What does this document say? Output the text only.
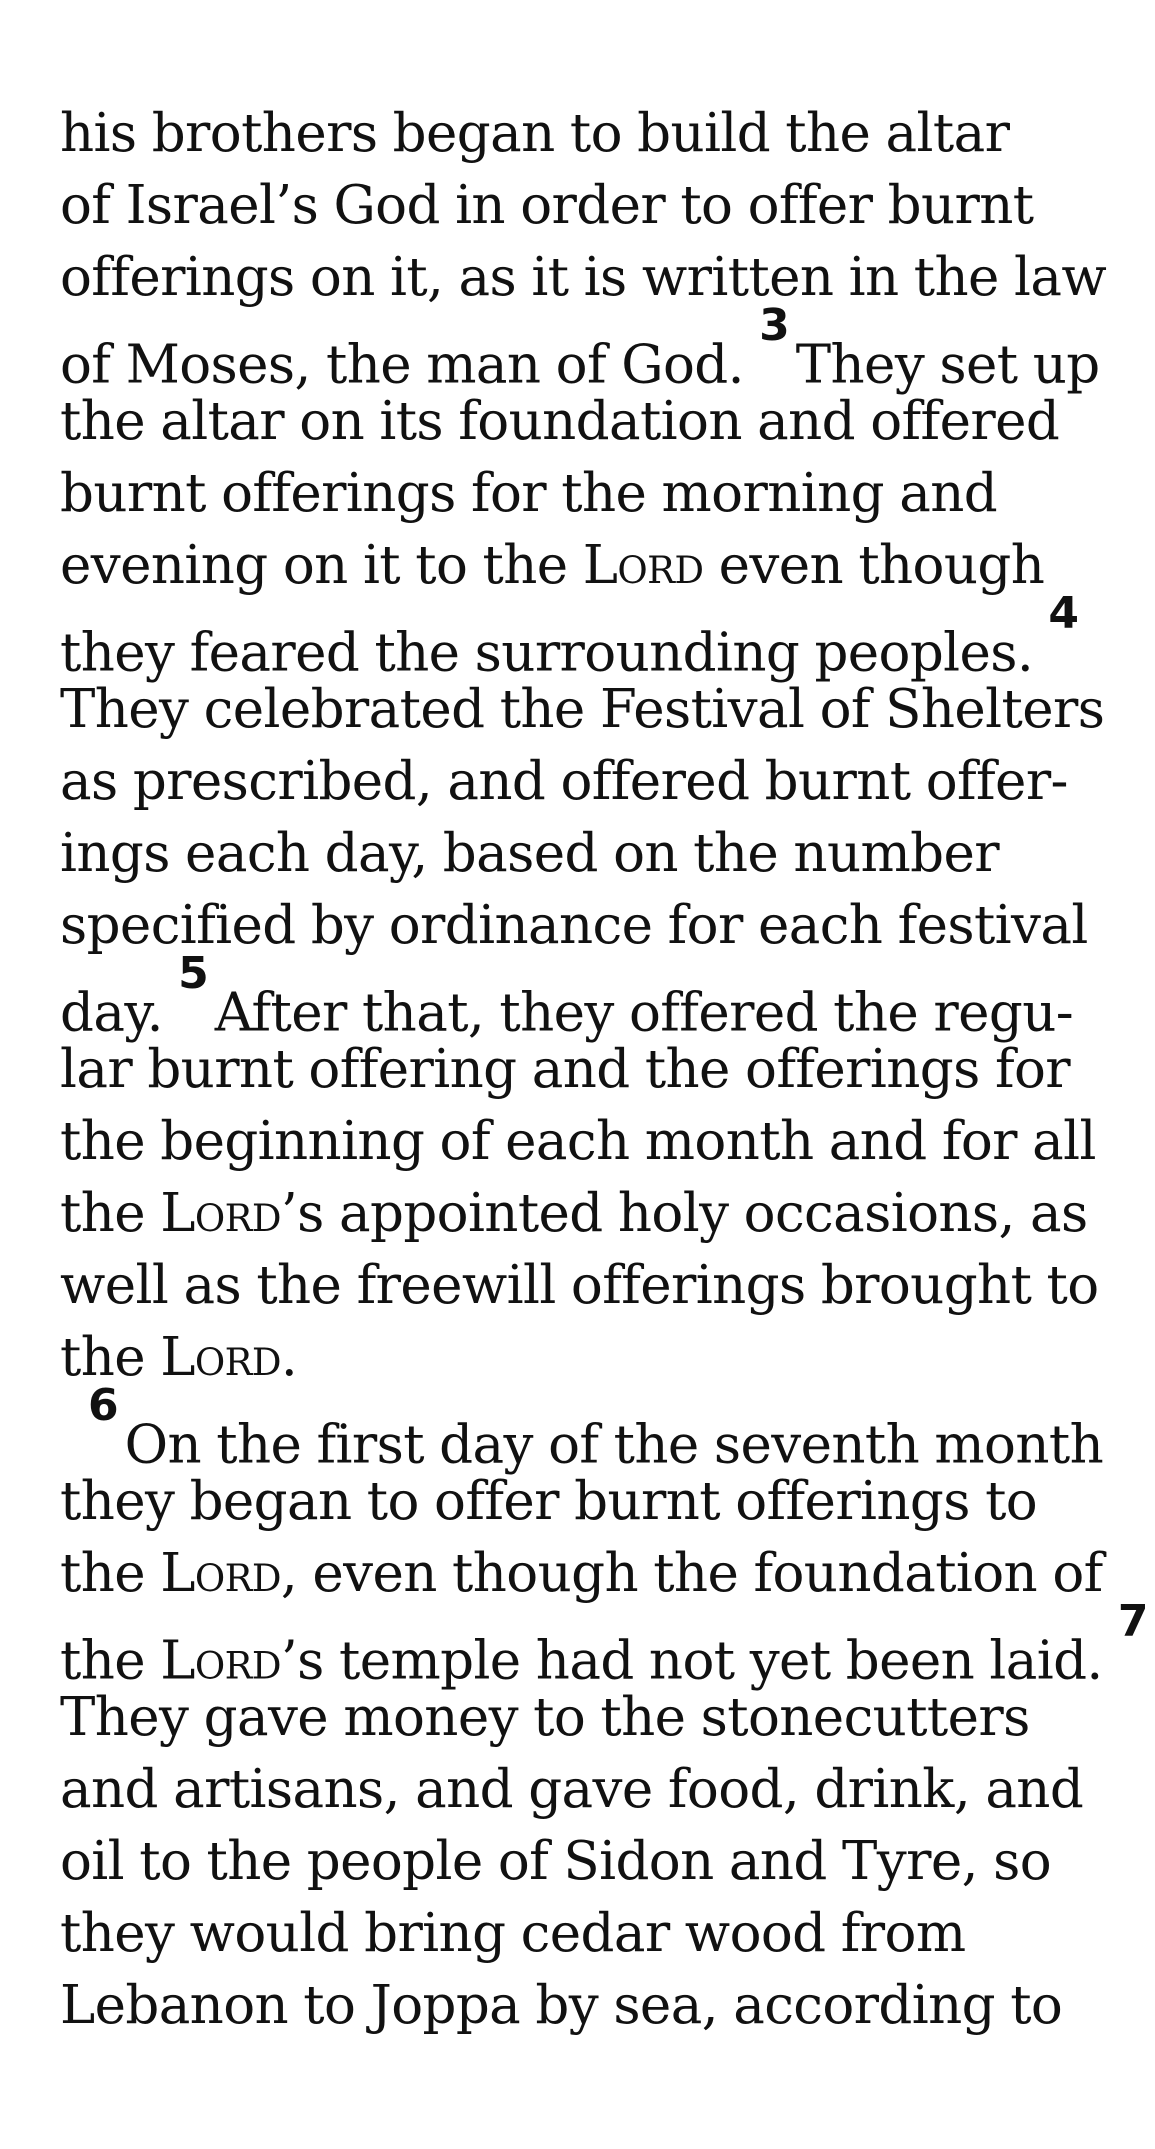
his brothers began to build the altar
of Israel’s God in order to offer burnt
offerings on it, as it is written in the law
of Moses, the man of God. $^3$They set up
the altar on its foundation and offered
burnt offerings for the morning and
evening on it to the Lord even though
they feared the surrounding peoples. $^4$
They celebrated the Festival of Shelters
as prescribed, and offered burnt offer-
ings each day, based on the number
specified by ordinance for each festival
day. $^5$After that, they offered the regu-
lar burnt offering and the offerings for
the beginning of each month and for all
the Lord’s appointed holy occasions, as
well as the freewill offerings brought to
the Lord.
$^6$On the first day of the seventh month
they began to offer burnt offerings to
the Lord, even though the foundation of
the Lord’s temple had not yet been laid. $^7$
They gave money to the stonecutters
and artisans, and gave food, drink, and
oil to the people of Sidon and Tyre, so
they would bring cedar wood from
Lebanon to Joppa by sea, according to
